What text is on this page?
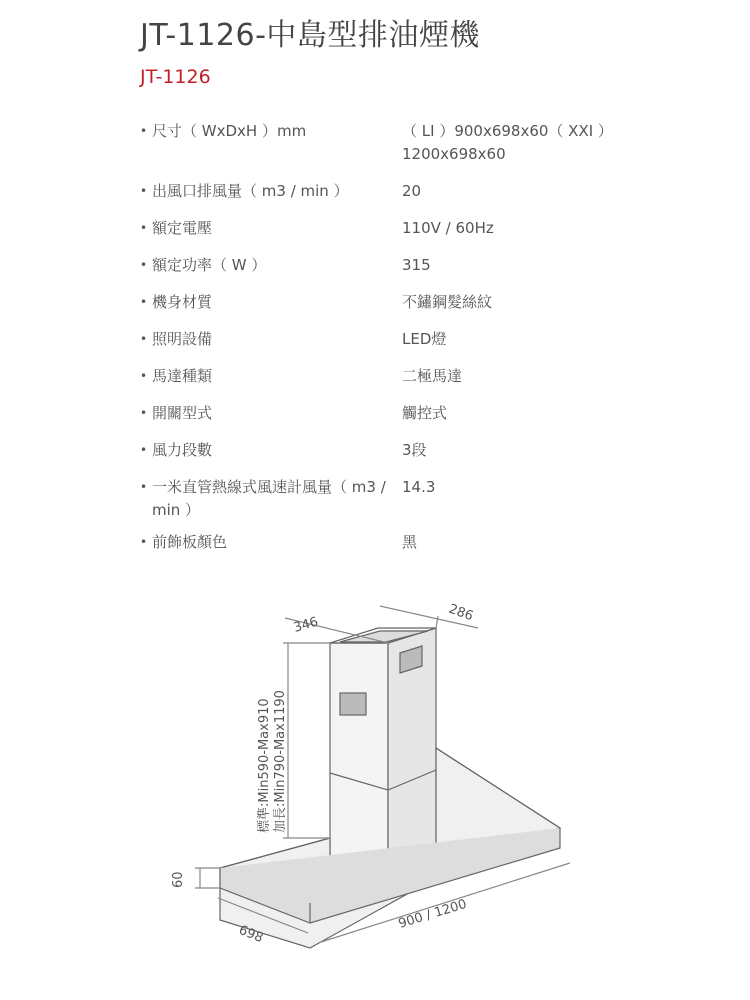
JT-1126-中島型排油煙機
JT-1126
• 尺寸（ WxDxH ）mm	（ LI ）900x698x60（ XXI ）1200x698x60
• 出風口排風量（ m3 / min ）	20
• 額定電壓	110V / 60Hz
• 額定功率（ W ）	315
• 機身材質	不鏽鋼髮絲紋
• 照明設備	LED燈
• 馬達種類	二極馬達
• 開關型式	觸控式
• 風力段數	3段
• 一米直管熱線式風速計風量（ m3 / min ）
14.3
• 前飾板顏色	黑
346
286
標準:Min590-Max910 加長:Min790-Max1190
60
698
900 / 1200
